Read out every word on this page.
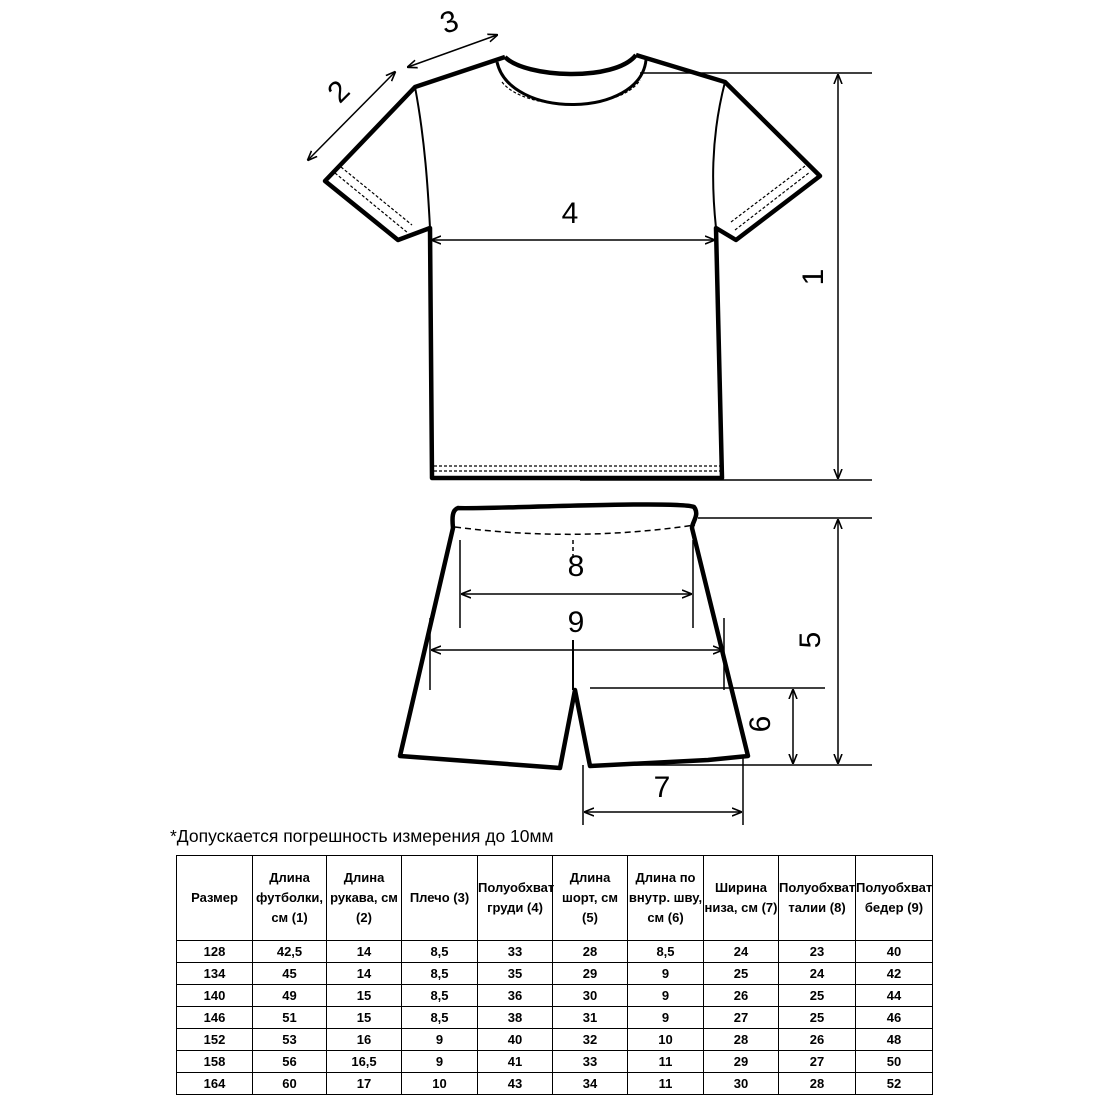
1
2
3
4
5
6
7
8
9
*Допускается погрешность измерения до 10мм
Размер	Длина футболки, см (1)	Длина рукава, см (2)	Плечо (3)	Полуобхват груди (4)	Длина шорт, см (5)	Длина по внутр. шву, см (6)	Ширина низа, см (7)	Полуобхват талии (8)	Полуобхват бедер (9)
128	42,5	14	8,5	33	28	8,5	24	23	40
134	45	14	8,5	35	29	9	25	24	42
140	49	15	8,5	36	30	9	26	25	44
146	51	15	8,5	38	31	9	27	25	46
152	53	16	9	40	32	10	28	26	48
158	56	16,5	9	41	33	11	29	27	50
164	60	17	10	43	34	11	30	28	52
